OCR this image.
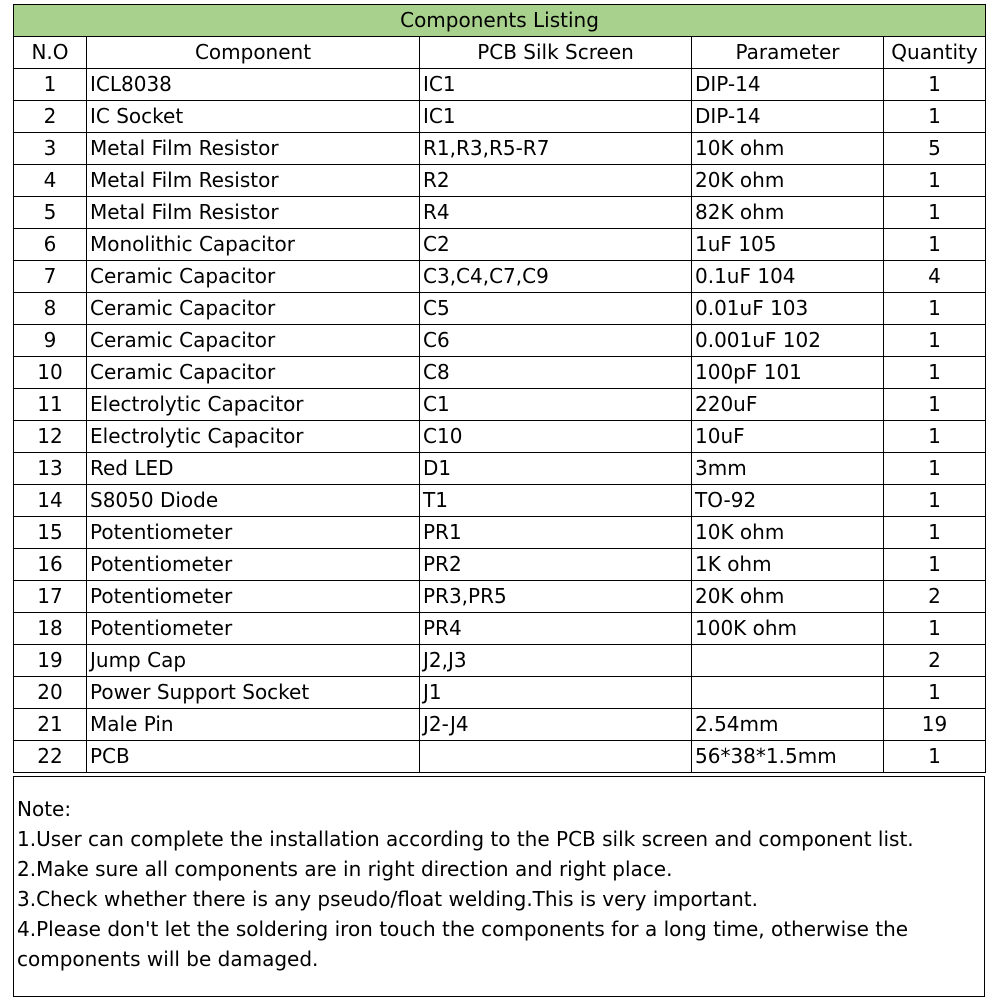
Components Listing				
N.O	Component	PCB Silk Screen	Parameter	Quantity
1	ICL8038	IC1	DIP-14	1
2	IC Socket	IC1	DIP-14	1
3	Metal Film Resistor	R1,R3,R5-R7	10K ohm	5
4	Metal Film Resistor	R2	20K ohm	1
5	Metal Film Resistor	R4	82K ohm	1
6	Monolithic Capacitor	C2	1uF 105	1
7	Ceramic Capacitor	C3,C4,C7,C9	0.1uF 104	4
8	Ceramic Capacitor	C5	0.01uF 103	1
9	Ceramic Capacitor	C6	0.001uF 102	1
10	Ceramic Capacitor	C8	100pF 101	1
11	Electrolytic Capacitor	C1	220uF	1
12	Electrolytic Capacitor	C10	10uF	1
13	Red LED	D1	3mm	1
14	S8050 Diode	T1	TO-92	1
15	Potentiometer	PR1	10K ohm	1
16	Potentiometer	PR2	1K ohm	1
17	Potentiometer	PR3,PR5	20K ohm	2
18	Potentiometer	PR4	100K ohm	1
19	Jump Cap	J2,J3		2
20	Power Support Socket	J1		1
21	Male Pin	J2-J4	2.54mm	19
22	PCB		56*38*1.5mm	1
Note:
1.User can complete the installation according to the PCB silk screen and component list.
2.Make sure all components are in right direction and right place.
3.Check whether there is any pseudo/float welding.This is very important.
4.Please don't let the soldering iron touch the components for a long time, otherwise the
components will be damaged.
